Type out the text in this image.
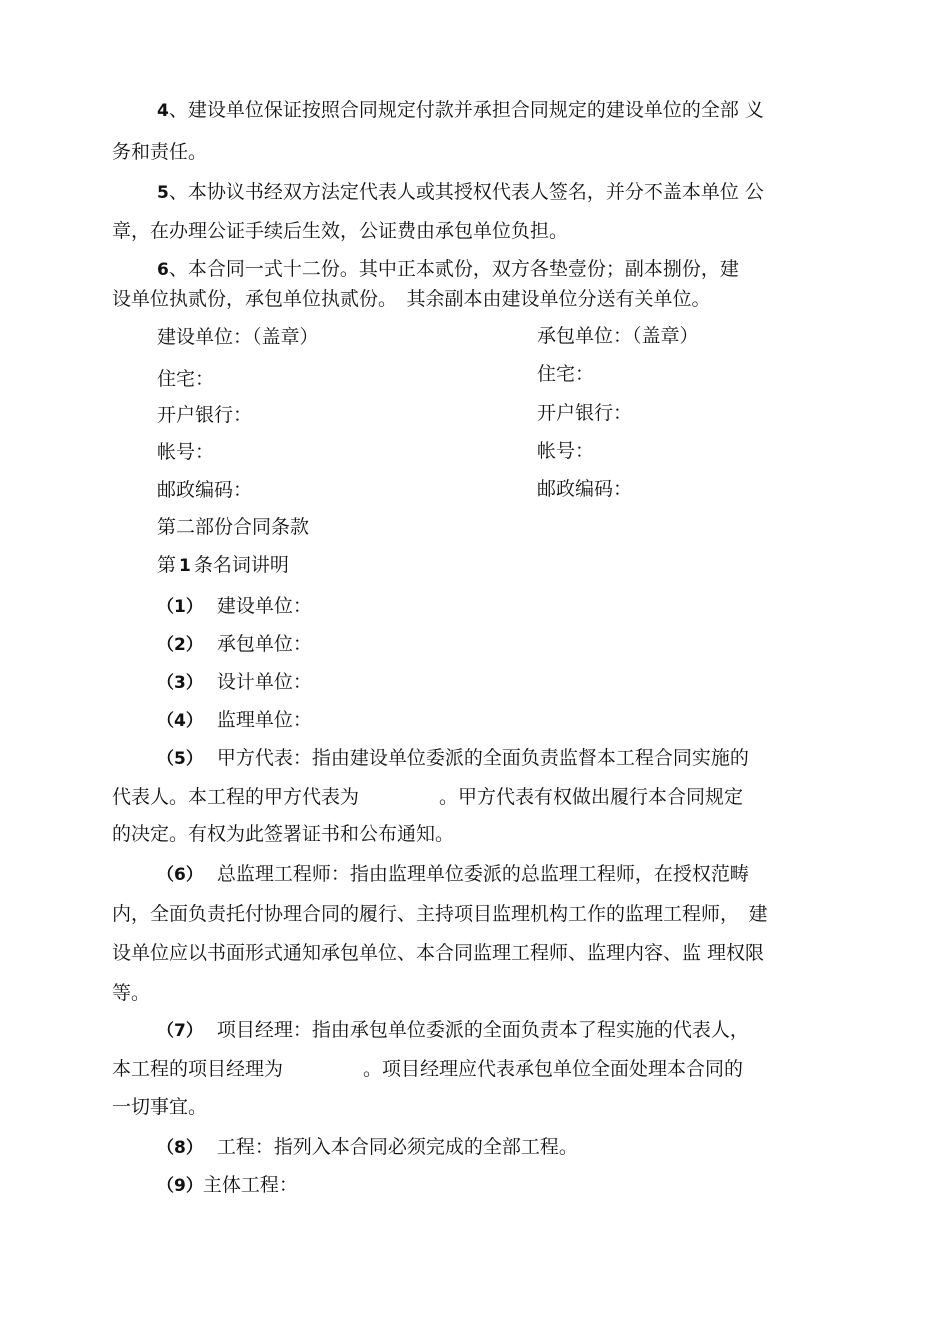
4、建设单位保证按照合同规定付款并承担合同规定的建设单位的全部 义
务和责任。
5、本协议书经双方法定代表人或其授权代表人签名，并分不盖本单位 公
章，在办理公证手续后生效，公证费由承包单位负担。
6、本合同一式十二份。其中正本贰份，双方各垫壹份；副本捌份，建
设单位执贰份，承包单位执贰份。　其余副本由建设单位分送有关单位。
建设单位：（盖章）
住宅：
开户银行：
帐号：
邮政编码：
承包单位：（盖章）
住宅：
开户银行：
帐号：
邮政编码：
第二部份合同条款
第 1 条名词讲明
（1） 建设单位：
（2） 承包单位：
（3） 设计单位：
（4） 监理单位：
（5） 甲方代表：指由建设单位委派的全面负责监督本工程合同实施的
代表人。本工程的甲方代表为	。甲方代表有权做出履行本合同规定
的决定。有权为此签署证书和公布通知。
（6） 总监理工程师：指由监理单位委派的总监理工程师，在授权范畴
内，全面负责托付协理合同的履行、主持项目监理机构工作的监理工程师，　建
设单位应以书面形式通知承包单位、本合同监理工程师、监理内容、监 理权限
等。
（7） 项目经理：指由承包单位委派的全面负责本了程实施的代表人，
本工程的项目经理为	。项目经理应代表承包单位全面处理本合同的
一切事宜。
（8） 工程：指列入本合同必须完成的全部工程。
（9）主体工程：
